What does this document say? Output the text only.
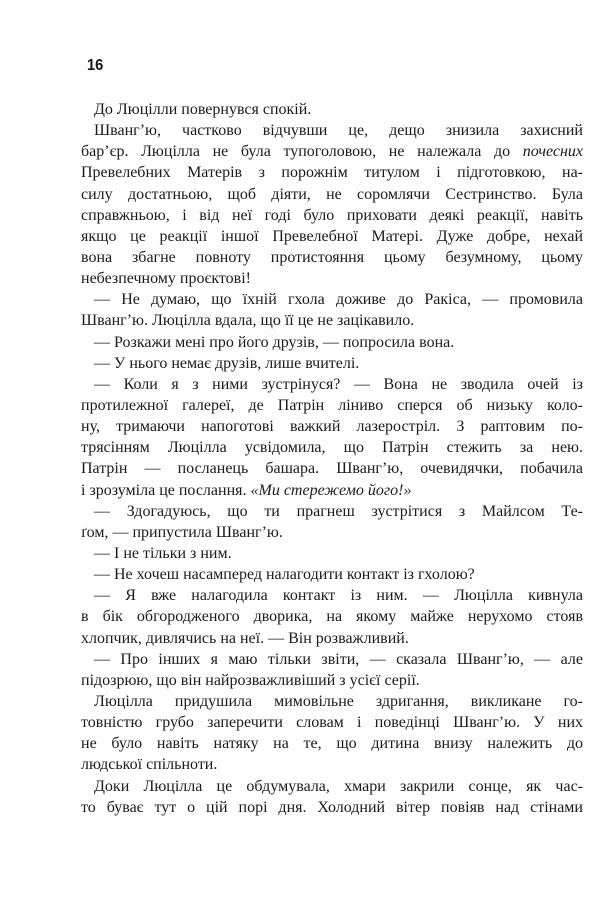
16
До Люцілли повернувся спокій.
Шванг’ю, частково відчувши це, дещо знизила захисний
бар’єр. Люцілла не була тупоголовою, не належала до почесних
Превелебних Матерів з порожнім титулом і підготовкою, на-
силу достатньою, щоб діяти, не соромлячи Сестринство. Була
справжньою, і від неї годі було приховати деякі реакції, навіть
якщо це реакції іншої Превелебної Матері. Дуже добре, нехай
вона збагне повноту протистояння цьому безумному, цьому
небезпечному проєктові!
— Не думаю, що їхній гхола доживе до Ракіса, — промовила
Шванг’ю. Люцілла вдала, що її це не зацікавило.
— Розкажи мені про його друзів, — попросила вона.
— У нього немає друзів, лише вчителі.
— Коли я з ними зустрінуся? — Вона не зводила очей із
протилежної галереї, де Патрін ліниво сперся об низьку коло-
ну, тримаючи напоготові важкий лазеростріл. З раптовим по-
трясінням Люцілла усвідомила, що Патрін стежить за нею.
Патрін — посланець башара. Шванг’ю, очевидячки, побачила
і зрозуміла це послання. «Ми стережемо його!»
— Здогадуюсь, що ти прагнеш зустрітися з Майлсом Те-
ґом, — припустила Шванг’ю.
— І не тільки з ним.
— Не хочеш насамперед налагодити контакт із гхолою?
— Я вже налагодила контакт із ним. — Люцілла кивнула
в бік обгородженого дворика, на якому майже нерухомо стояв
хлопчик, дивлячись на неї. — Він розважливий.
— Про інших я маю тільки звіти, — сказала Шванг’ю, — але
підозрюю, що він найрозважливіший з усієї серії.
Люцілла придушила мимовільне здригання, викликане го-
товністю грубо заперечити словам і поведінці Шванг’ю. У них
не було навіть натяку на те, що дитина внизу належить до
людської спільноти.
Доки Люцілла це обдумувала, хмари закрили сонце, як час-
то буває тут о цій порі дня. Холодний вітер повіяв над стінами
